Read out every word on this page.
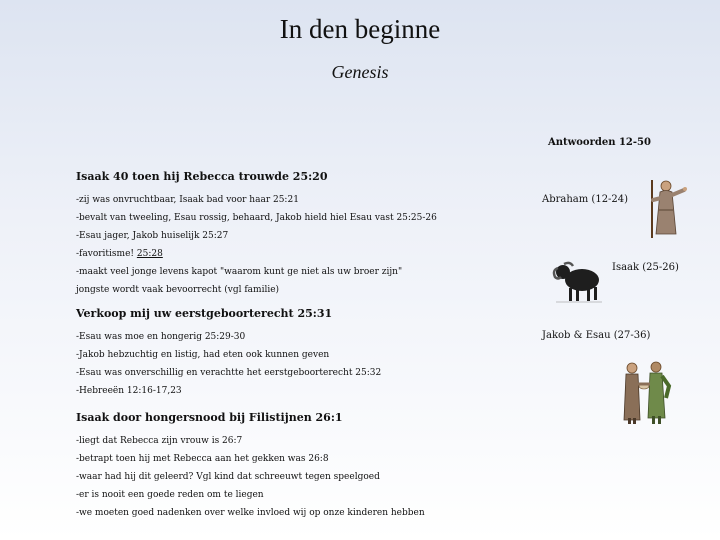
In den beginne
Genesis
Antwoorden 12-50
Isaak 40 toen hij Rebecca trouwde 25:20
-zij was onvruchtbaar, Isaak bad voor haar 25:21
-bevalt van tweeling, Esau rossig, behaard, Jakob hield hiel Esau vast 25:25-26
-Esau jager, Jakob huiselijk 25:27
-favoritisme! 25:28
-maakt veel jonge levens kapot "waarom kunt ge niet als uw broer zijn"
jongste wordt vaak bevoorrecht (vgl familie)
Verkoop mij uw eerstgeboorterecht 25:31
-Esau was moe en hongerig 25:29-30
-Jakob hebzuchtig en listig, had eten ook kunnen geven
-Esau was onverschillig en verachtte het eerstgeboorterecht 25:32
-Hebreeën 12:16-17,23
Isaak door hongersnood bij Filistijnen 26:1
-liegt dat Rebecca zijn vrouw is 26:7
-betrapt toen hij met Rebecca aan het gekken was 26:8
-waar had hij dit geleerd? Vgl kind dat schreeuwt tegen speelgoed
-er is nooit een goede reden om te liegen
-we moeten goed nadenken over welke invloed wij op onze kinderen hebben
Abraham (12-24)
Isaak (25-26)
Jakob & Esau (27-36)
